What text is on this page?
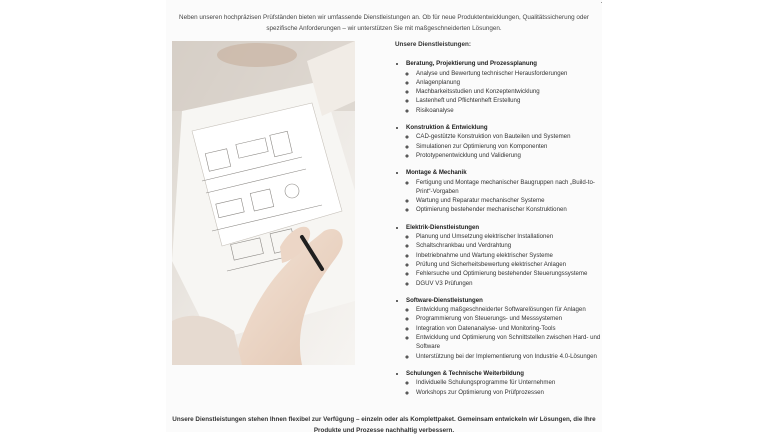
Neben unseren hochpräzisen Prüfständen bieten wir umfassende Dienstleistungen an. Ob für neue Produktentwicklungen, Qualitätssicherung oder spezifische Anforderungen – wir unterstützen Sie mit maßgeschneiderten Lösungen.

Unsere Dienstleistungen:
• Beratung, Projektierung und Prozessplanung
◦ Analyse und Bewertung technischer Herausforderungen
◦ Anlagenplanung
◦ Machbarkeitsstudien und Konzeptentwicklung
◦ Lastenheft und Pflichtenheft Erstellung
◦ Risikoanalyse
• Konstruktion & Entwicklung
◦ CAD-gestützte Konstruktion von Bauteilen und Systemen
◦ Simulationen zur Optimierung von Komponenten
◦ Prototypenentwicklung und Validierung
• Montage & Mechanik
◦ Fertigung und Montage mechanischer Baugruppen nach „Build-to-Print“-Vorgaben
◦ Wartung und Reparatur mechanischer Systeme
◦ Optimierung bestehender mechanischer Konstruktionen
• Elektrik-Dienstleistungen
◦ Planung und Umsetzung elektrischer Installationen
◦ Schaltschrankbau und Verdrahtung
◦ Inbetriebnahme und Wartung elektrischer Systeme
◦ Prüfung und Sicherheitsbewertung elektrischer Anlagen
◦ Fehlersuche und Optimierung bestehender Steuerungssysteme
◦ DGUV V3 Prüfungen
• Software-Dienstleistungen
◦ Entwicklung maßgeschneiderter Softwarelösungen für Anlagen
◦ Programmierung von Steuerungs- und Messsystemen
◦ Integration von Datenanalyse- und Monitoring-Tools
◦ Entwicklung und Optimierung von Schnittstellen zwischen Hard- und Software
◦ Unterstützung bei der Implementierung von Industrie 4.0-Lösungen
• Schulungen & Technische Weiterbildung
◦ Individuelle Schulungsprogramme für Unternehmen
◦ Workshops zur Optimierung von Prüfprozessen

Unsere Dienstleistungen stehen Ihnen flexibel zur Verfügung – einzeln oder als Komplettpaket. Gemeinsam entwickeln wir Lösungen, die Ihre Produkte und Prozesse nachhaltig verbessern.
